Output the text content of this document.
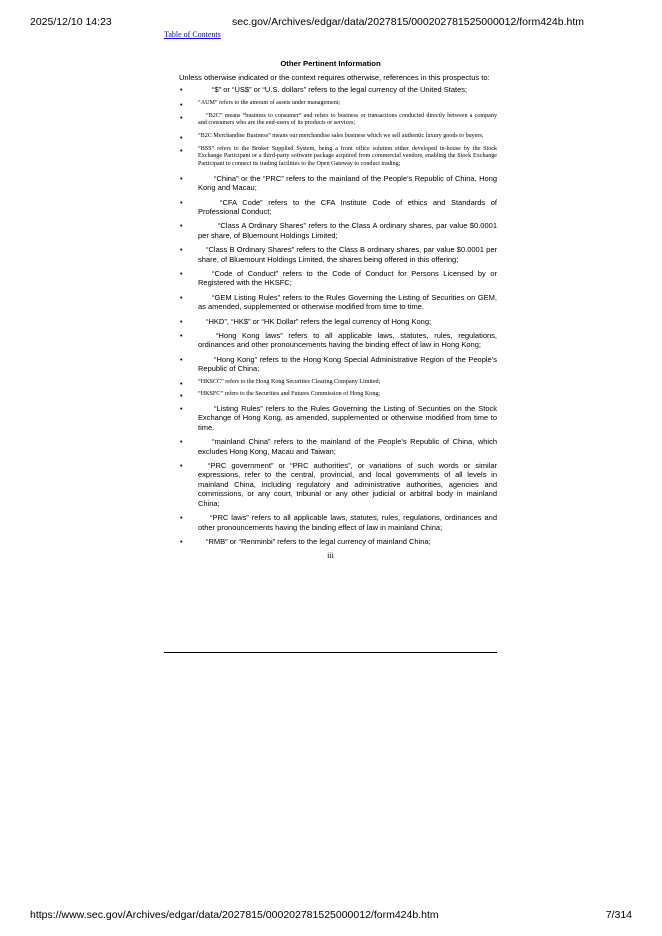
2025/12/10 14:23	sec.gov/Archives/edgar/data/2027815/000202781525000012/form424b.htm
Table of Contents
Other Pertinent Information

Unless otherwise indicated or the context requires otherwise, references in this prospectus to:

•	“$” or “US$” or “U.S. dollars” refers to the legal currency of the United States;
•	“AUM” refers to the amount of assets under management;
•	“B2C” means “business to consumer” and refers to business or transactions conducted directly between a company and consumers who are the end-users of its products or services;
•	“B2C Merchandise Business” means our merchandise sales business which we sell authentic luxury goods to buyers;
•	“BSS” refers to the Broker Supplied System, being a front office solution either developed in-house by the Stock Exchange Participant or a third-party software package acquired from commercial vendors, enabling the Stock Exchange Participant to connect its trading facilities to the Open Gateway to conduct trading;
•	“China” or the “PRC” refers to the mainland of the People’s Republic of China, Hong Kong and Macau;
•	“CFA Code” refers to the CFA Institute Code of ethics and Standards of Professional Conduct;
•	“Class A Ordinary Shares” refers to the Class A ordinary shares, par value $0.0001 per share, of Bluemount Holdings Limited;
•	“Class B Ordinary Shares” refers to the Class B ordinary shares, par value $0.0001 per share, of Bluemount Holdings Limited, the shares being offered in this offering;
•	“Code of Conduct” refers to the Code of Conduct for Persons Licensed by or Registered with the HKSFC;
•	“GEM Listing Rules” refers to the Rules Governing the Listing of Securities on GEM, as amended, supplemented or otherwise modified from time to time.
•	“HKD”, “HK$” or “HK Dollar” refers the legal currency of Hong Kong;
•	“Hong Kong laws” refers to all applicable laws, statutes, rules, regulations, ordinances and other pronouncements having the binding effect of law in Hong Kong;
•	“Hong Kong” refers to the Hong Kong Special Administrative Region of the People’s Republic of China;
•	“HKSCC” refers to the Hong Kong Securities Clearing Company Limited;
•	“HKSFC” refers to the Securities and Futures Commission of Hong Kong;
•	“Listing Rules” refers to the Rules Governing the Listing of Securities on the Stock Exchange of Hong Kong, as amended, supplemented or otherwise modified from time to time.
•	“mainland China” refers to the mainland of the People’s Republic of China, which excludes Hong Kong, Macau and Taiwan;
•	“PRC government” or “PRC authorities”, or variations of such words or similar expressions, refer to the central, provincial, and local governments of all levels in mainland China, including regulatory and administrative authorities, agencies and commissions, or any court, tribunal or any other judicial or arbitral body in mainland China;
•	“PRC laws” refers to all applicable laws, statutes, rules, regulations, ordinances and other pronouncements having the binding effect of law in mainland China;
•	“RMB” or “Renminbi” refers to the legal currency of mainland China;
iii
https://www.sec.gov/Archives/edgar/data/2027815/000202781525000012/form424b.htm	7/314
